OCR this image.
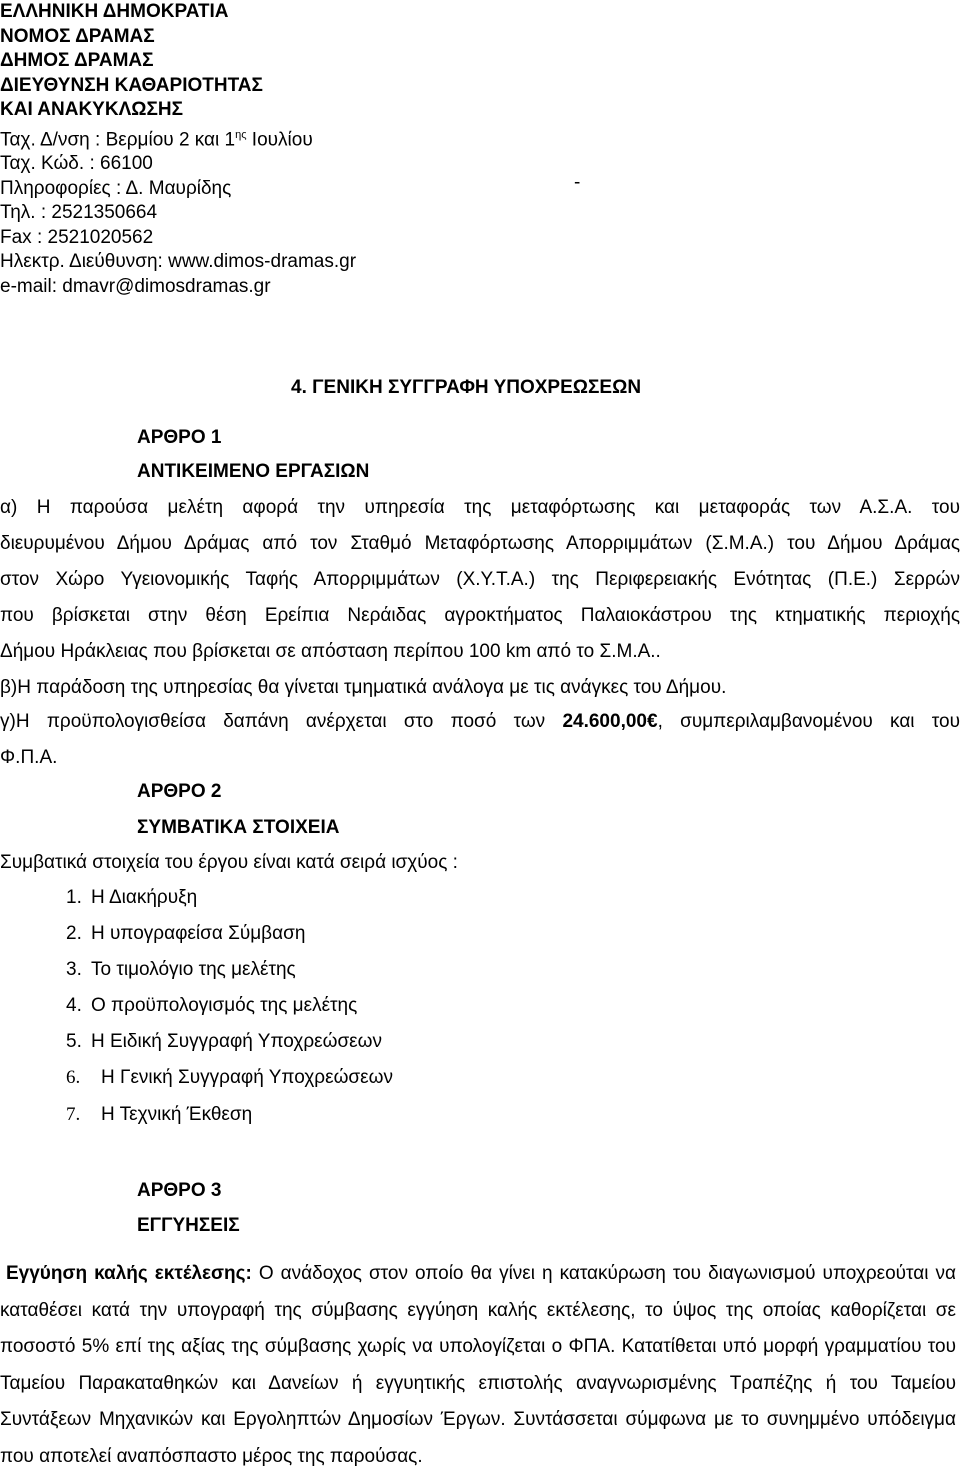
ΕΛΛΗΝΙΚΗ ΔΗΜΟΚΡΑΤΙΑ
ΝΟΜΟΣ ΔΡΑΜΑΣ
ΔΗΜΟΣ ΔΡΑΜΑΣ
ΔΙΕΥΘΥΝΣΗ ΚΑΘΑΡΙΟΤΗΤΑΣ
ΚΑΙ ΑΝΑΚΥΚΛΩΣΗΣ
Ταχ. Δ/νση : Βερμίου 2 και $1^{\eta\varsigma}$ Ιουλίου
Ταχ. Κώδ. : 66100
Πληροφορίες : Δ. Μαυρίδης
Τηλ. : 2521350664
Fax : 2521020562
Ηλεκτρ. Διεύθυνση: www.dimos-dramas.gr
e-mail: dmavr@dimosdramas.gr
-
4. ΓΕΝΙΚΗ ΣΥΓΓΡΑΦΗ ΥΠΟΧΡΕΩΣΕΩΝ
ΑΡΘΡΟ 1
ΑΝΤΙΚΕΙΜΕΝΟ ΕΡΓΑΣΙΩΝ
α) Η παρούσα μελέτη αφορά την υπηρεσία της μεταφόρτωσης και μεταφοράς των Α.Σ.Α. του
διευρυμένου Δήμου Δράμας από τον Σταθμό Μεταφόρτωσης Απορριμμάτων (Σ.Μ.Α.) του Δήμου Δράμας
στον Χώρο Υγειονομικής Ταφής Απορριμμάτων (Χ.Υ.Τ.Α.) της Περιφερειακής Ενότητας (Π.Ε.) Σερρών
που βρίσκεται στην θέση Ερείπια Νεράιδας αγροκτήματος Παλαιοκάστρου της κτηματικής περιοχής
Δήμου Ηράκλειας που βρίσκεται σε απόσταση περίπου 100 km από το Σ.Μ.Α..
β)Η παράδοση της υπηρεσίας θα γίνεται τμηματικά ανάλογα με τις ανάγκες του Δήμου.
γ)Η προϋπολογισθείσα δαπάνη ανέρχεται στο ποσό των 24.600,00€, συμπεριλαμβανομένου και του
Φ.Π.Α.
ΑΡΘΡΟ 2
ΣΥΜΒΑΤΙΚΑ ΣΤΟΙΧΕΙΑ
Συμβατικά στοιχεία του έργου είναι κατά σειρά ισχύος :
1. Η Διακήρυξη
2. Η υπογραφείσα Σύμβαση
3. Το τιμολόγιο της μελέτης
4. Ο προϋπολογισμός της μελέτης
5. Η Ειδική Συγγραφή Υποχρεώσεων
6. Η Γενική Συγγραφή Υποχρεώσεων
7. Η Τεχνική Έκθεση
ΑΡΘΡΟ 3
ΕΓΓΥΗΣΕΙΣ
Εγγύηση καλής εκτέλεσης: Ο ανάδοχος στον οποίο θα γίνει η κατακύρωση του διαγωνισμού υποχρεούται να καταθέσει κατά την υπογραφή της σύμβασης εγγύηση καλής εκτέλεσης, το ύψος της οποίας καθορίζεται σε ποσοστό 5% επί της αξίας της σύμβασης χωρίς να υπολογίζεται ο ΦΠΑ. Κατατίθεται υπό μορφή γραμματίου του Ταμείου Παρακαταθηκών και Δανείων ή εγγυητικής επιστολής αναγνωρισμένης Τραπέζης ή του Ταμείου Συντάξεων Μηχανικών και Εργοληπτών Δημοσίων Έργων. Συντάσσεται σύμφωνα με το συνημμένο υπόδειγμα που αποτελεί αναπόσπαστο μέρος της παρούσας.
